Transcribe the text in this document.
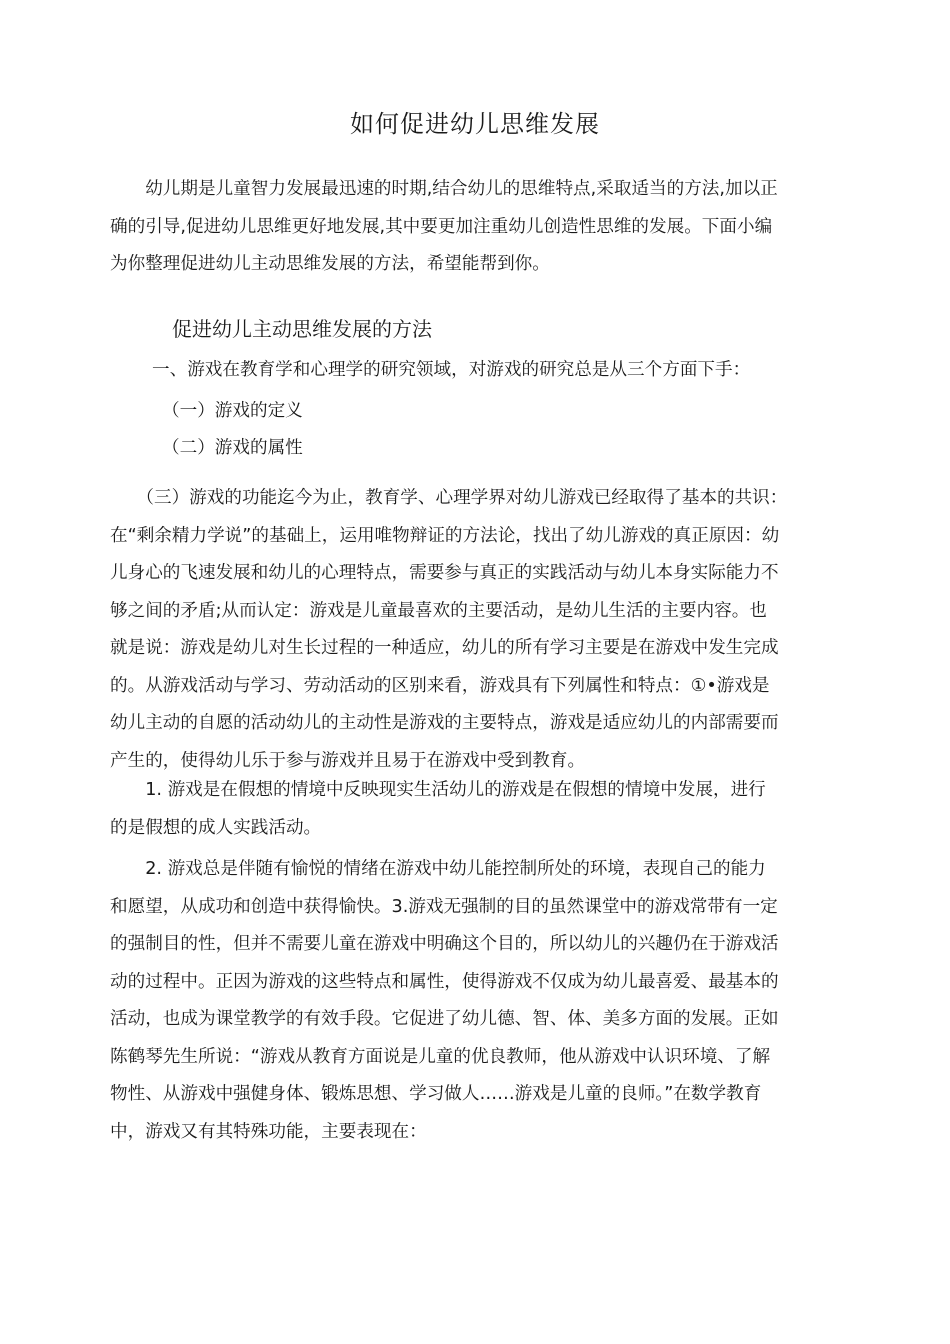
如何促进幼儿思维发展
　　幼儿期是儿童智力发展最迅速的时期,结合幼儿的思维特点,采取适当的方法,加以正
确的引导,促进幼儿思维更好地发展,其中要更加注重幼儿创造性思维的发展。下面小编
为你整理促进幼儿主动思维发展的方法，希望能帮到你。
促进幼儿主动思维发展的方法
一、游戏在教育学和心理学的研究领域，对游戏的研究总是从三个方面下手：
（一）游戏的定义
（二）游戏的属性
　　（三）游戏的功能迄今为止，教育学、心理学界对幼儿游戏已经取得了基本的共识：
在“剩余精力学说”的基础上，运用唯物辩证的方法论，找出了幼儿游戏的真正原因：幼
儿身心的飞速发展和幼儿的心理特点，需要参与真正的实践活动与幼儿本身实际能力不
够之间的矛盾;从而认定：游戏是儿童最喜欢的主要活动，是幼儿生活的主要内容。也
就是说：游戏是幼儿对生长过程的一种适应，幼儿的所有学习主要是在游戏中发生完成
的。从游戏活动与学习、劳动活动的区别来看，游戏具有下列属性和特点：①•游戏是
幼儿主动的自愿的活动幼儿的主动性是游戏的主要特点，游戏是适应幼儿的内部需要而
产生的，使得幼儿乐于参与游戏并且易于在游戏中受到教育。
　　1. 游戏是在假想的情境中反映现实生活幼儿的游戏是在假想的情境中发展，进行
的是假想的成人实践活动。
　　2. 游戏总是伴随有愉悦的情绪在游戏中幼儿能控制所处的环境，表现自己的能力
和愿望，从成功和创造中获得愉快。3.游戏无强制的目的虽然课堂中的游戏常带有一定
的强制目的性，但并不需要儿童在游戏中明确这个目的，所以幼儿的兴趣仍在于游戏活
动的过程中。正因为游戏的这些特点和属性，使得游戏不仅成为幼儿最喜爱、最基本的
活动，也成为课堂教学的有效手段。它促进了幼儿德、智、体、美多方面的发展。正如
陈鹤琴先生所说：“游戏从教育方面说是儿童的优良教师，他从游戏中认识环境、了解
物性、从游戏中强健身体、锻炼思想、学习做人……游戏是儿童的良师。”在数学教育
中，游戏又有其特殊功能，主要表现在：
